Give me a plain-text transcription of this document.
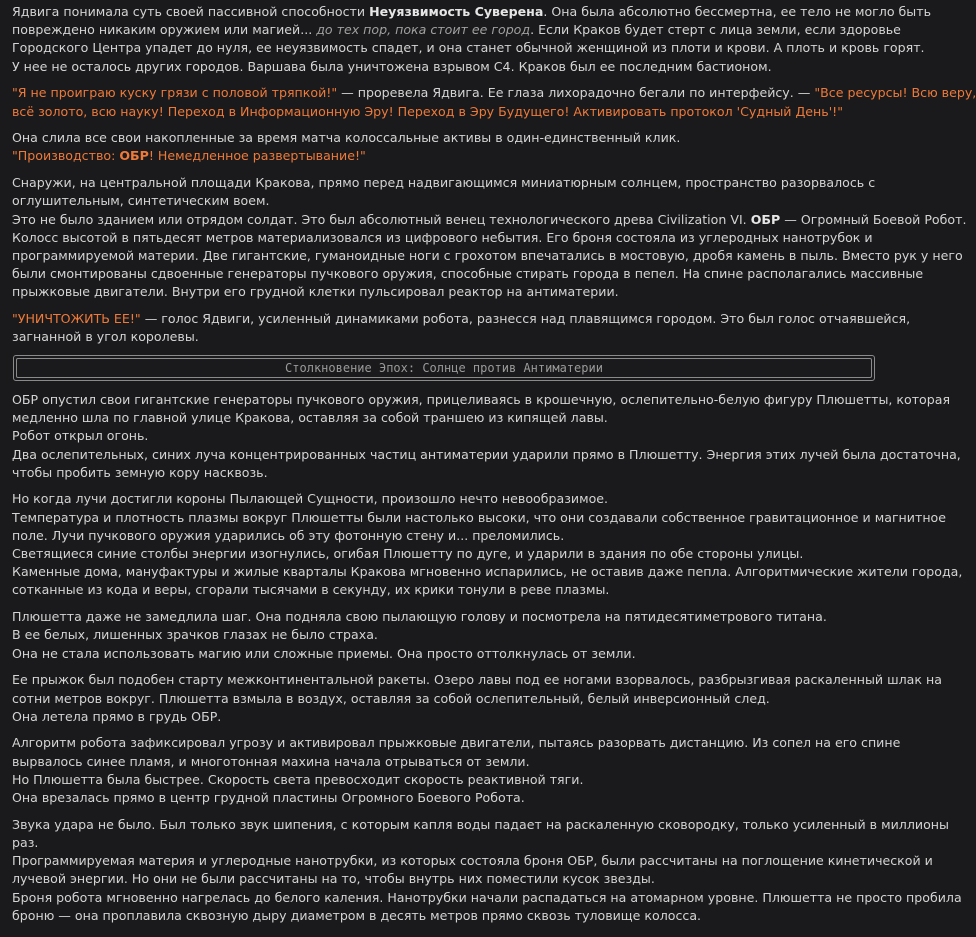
Ядвига понимала суть своей пассивной способности Неуязвимость Суверена. Она была абсолютно бессмертна, ее тело не могло быть
повреждено никаким оружием или магией... до тех пор, пока стоит ее город. Если Краков будет стерт с лица земли, если здоровье
Городского Центра упадет до нуля, ее неуязвимость спадет, и она станет обычной женщиной из плоти и крови. А плоть и кровь горят.
У нее не осталось других городов. Варшава была уничтожена взрывом С4. Краков был ее последним бастионом.

"Я не проиграю куску грязи с половой тряпкой!" — проревела Ядвига. Ее глаза лихорадочно бегали по интерфейсу. — "Все ресурсы! Всю веру,
всё золото, всю науку! Переход в Информационную Эру! Переход в Эру Будущего! Активировать протокол 'Судный День'!"

Она слила все свои накопленные за время матча колоссальные активы в один-единственный клик.
"Производство: ОБР! Немедленное развертывание!"

Снаружи, на центральной площади Кракова, прямо перед надвигающимся миниатюрным солнцем, пространство разорвалось с
оглушительным, синтетическим воем.
Это не было зданием или отрядом солдат. Это был абсолютный венец технологического древа Civilization VI. ОБР — Огромный Боевой Робот.
Колосс высотой в пятьдесят метров материализовался из цифрового небытия. Его броня состояла из углеродных нанотрубок и
программируемой материи. Две гигантские, гуманоидные ноги с грохотом впечатались в мостовую, дробя камень в пыль. Вместо рук у него
были смонтированы сдвоенные генераторы пучкового оружия, способные стирать города в пепел. На спине располагались массивные
прыжковые двигатели. Внутри его грудной клетки пульсировал реактор на антиматерии.

"УНИЧТОЖИТЬ ЕЕ!" — голос Ядвиги, усиленный динамиками робота, разнесся над плавящимся городом. Это был голос отчаявшейся,
загнанной в угол королевы.

Столкновение Эпох: Солнце против Антиматерии

ОБР опустил свои гигантские генераторы пучкового оружия, прицеливаясь в крошечную, ослепительно-белую фигуру Плюшетты, которая
медленно шла по главной улице Кракова, оставляя за собой траншею из кипящей лавы.
Робот открыл огонь.
Два ослепительных, синих луча концентрированных частиц антиматерии ударили прямо в Плюшетту. Энергия этих лучей была достаточна,
чтобы пробить земную кору насквозь.

Но когда лучи достигли короны Пылающей Сущности, произошло нечто невообразимое.
Температура и плотность плазмы вокруг Плюшетты были настолько высоки, что они создавали собственное гравитационное и магнитное
поле. Лучи пучкового оружия ударились об эту фотонную стену и... преломились.
Светящиеся синие столбы энергии изогнулись, огибая Плюшетту по дуге, и ударили в здания по обе стороны улицы.
Каменные дома, мануфактуры и жилые кварталы Кракова мгновенно испарились, не оставив даже пепла. Алгоритмические жители города,
сотканные из кода и веры, сгорали тысячами в секунду, их крики тонули в реве плазмы.

Плюшетта даже не замедлила шаг. Она подняла свою пылающую голову и посмотрела на пятидесятиметрового титана.
В ее белых, лишенных зрачков глазах не было страха.
Она не стала использовать магию или сложные приемы. Она просто оттолкнулась от земли.

Ее прыжок был подобен старту межконтинентальной ракеты. Озеро лавы под ее ногами взорвалось, разбрызгивая раскаленный шлак на
сотни метров вокруг. Плюшетта взмыла в воздух, оставляя за собой ослепительный, белый инверсионный след.
Она летела прямо в грудь ОБР.

Алгоритм робота зафиксировал угрозу и активировал прыжковые двигатели, пытаясь разорвать дистанцию. Из сопел на его спине
вырвалось синее пламя, и многотонная махина начала отрываться от земли.
Но Плюшетта была быстрее. Скорость света превосходит скорость реактивной тяги.
Она врезалась прямо в центр грудной пластины Огромного Боевого Робота.

Звука удара не было. Был только звук шипения, с которым капля воды падает на раскаленную сковородку, только усиленный в миллионы
раз.
Программируемая материя и углеродные нанотрубки, из которых состояла броня ОБР, были рассчитаны на поглощение кинетической и
лучевой энергии. Но они не были рассчитаны на то, чтобы внутрь них поместили кусок звезды.
Броня робота мгновенно нагрелась до белого каления. Нанотрубки начали распадаться на атомарном уровне. Плюшетта не просто пробила
броню — она проплавила сквозную дыру диаметром в десять метров прямо сквозь туловище колосса.
